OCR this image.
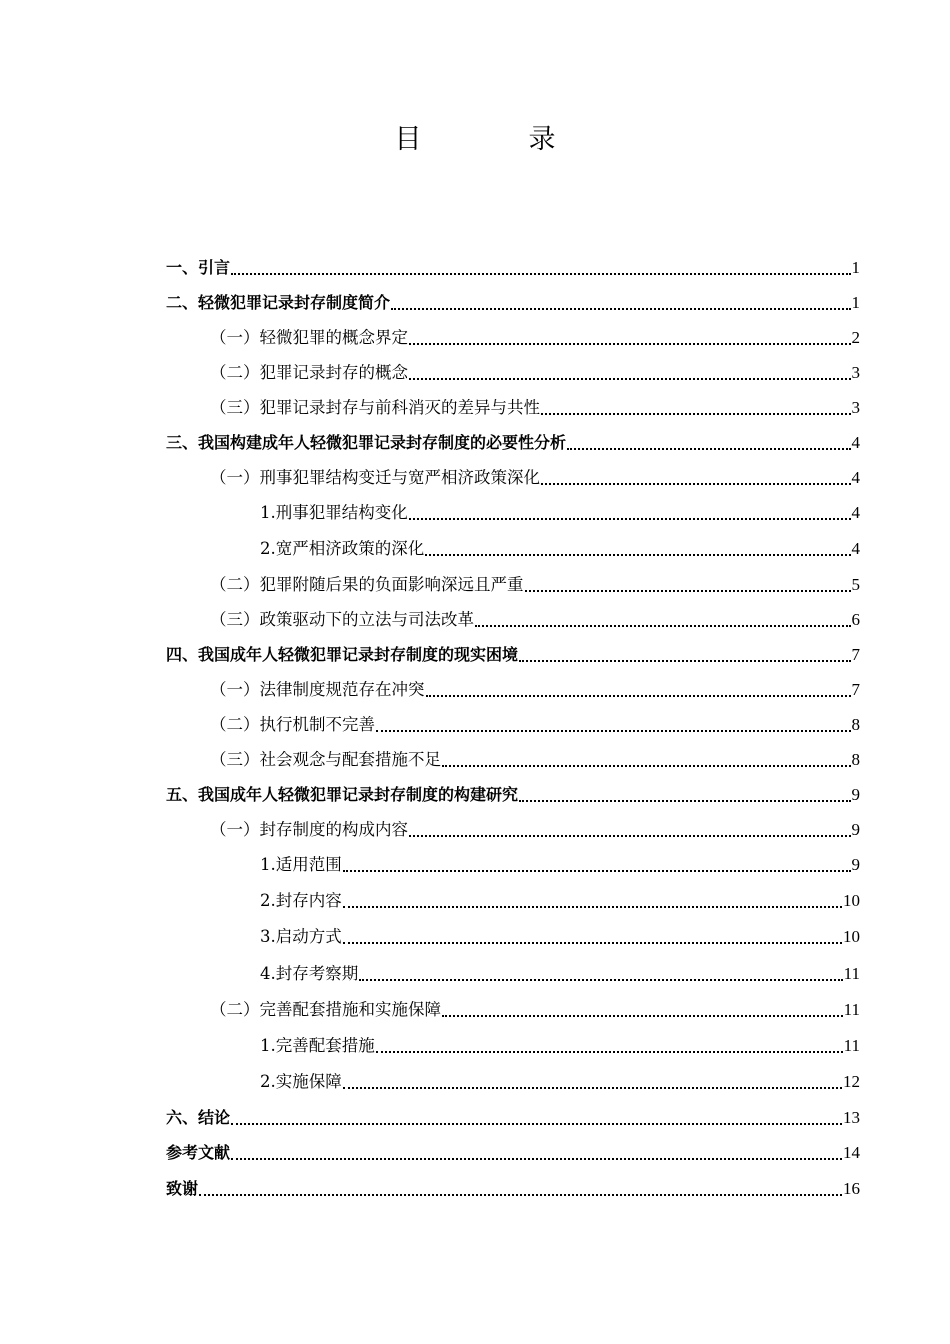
目　录
一、引言	1
二、轻微犯罪记录封存制度简介	1
（一）轻微犯罪的概念界定	2
（二）犯罪记录封存的概念	3
（三）犯罪记录封存与前科消灭的差异与共性	3
三、我国构建成年人轻微犯罪记录封存制度的必要性分析	4
（一）刑事犯罪结构变迁与宽严相济政策深化	4
1.刑事犯罪结构变化	4
2.宽严相济政策的深化	4
（二）犯罪附随后果的负面影响深远且严重	5
（三）政策驱动下的立法与司法改革	6
四、我国成年人轻微犯罪记录封存制度的现实困境	7
（一）法律制度规范存在冲突	7
（二）执行机制不完善	8
（三）社会观念与配套措施不足	8
五、我国成年人轻微犯罪记录封存制度的构建研究	9
（一）封存制度的构成内容	9
1.适用范围	9
2.封存内容	10
3.启动方式	10
4.封存考察期	11
（二）完善配套措施和实施保障	11
1.完善配套措施	11
2.实施保障	12
六、结论	13
参考文献	14
致谢	16
